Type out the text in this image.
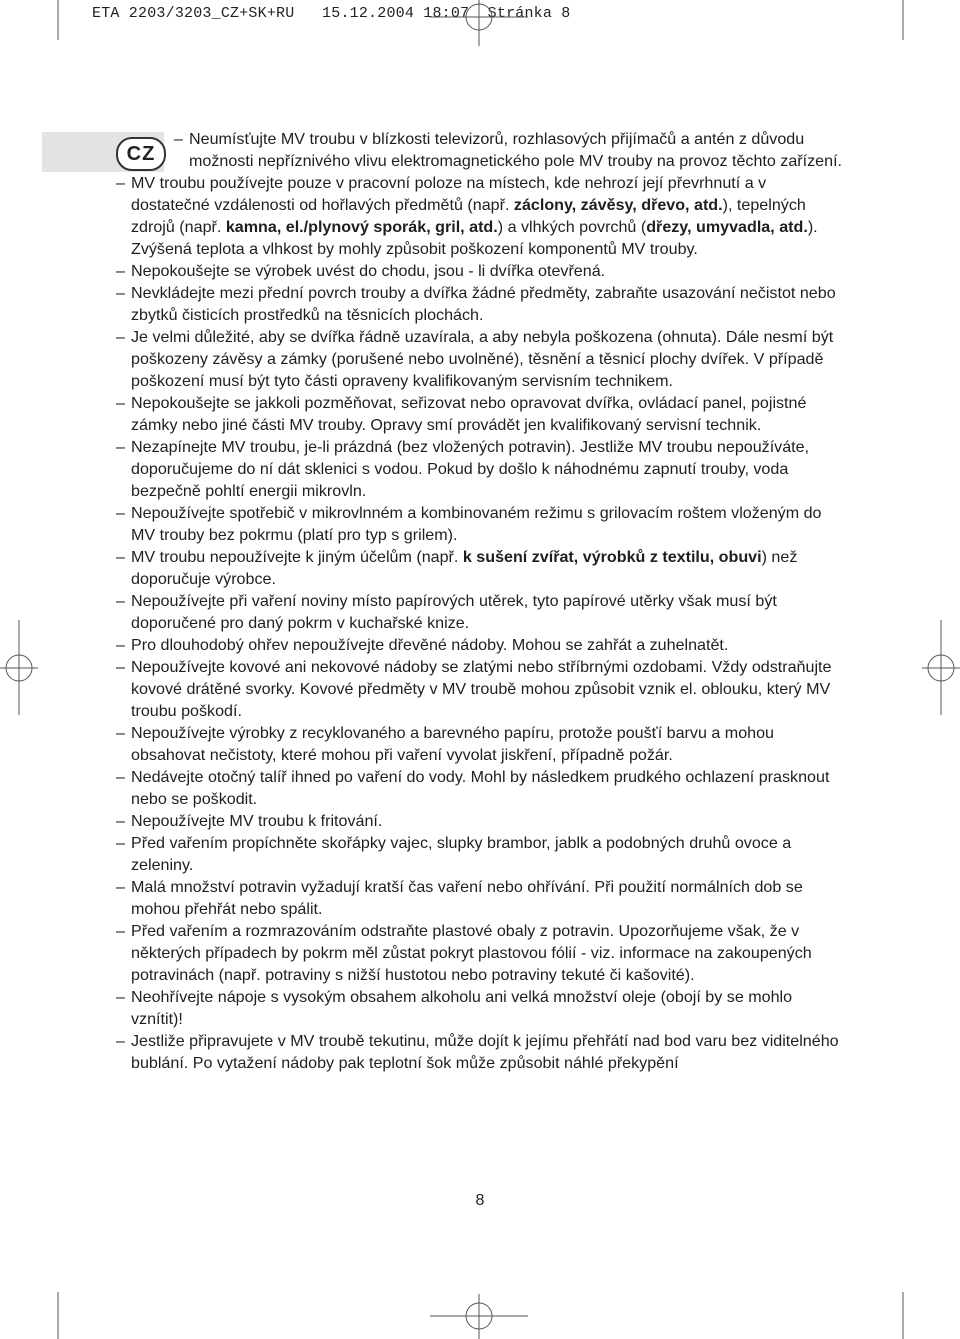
ETA 2203/3203_CZ+SK+RU   15.12.2004 18:07  Stránka 8
CZ

– Neumísťujte MV troubu v blízkosti televizorů, rozhlasových přijímačů a antén z důvodu možnosti nepříznivého vlivu elektromagnetického pole MV trouby na provoz těchto zařízení.

– MV troubu používejte pouze v pracovní poloze na místech, kde nehrozí její převrhnutí a v dostatečné vzdálenosti od hořlavých předmětů (např. záclony, závěsy, dřevo, atd.), tepelných zdrojů (např. kamna, el./plynový sporák, gril, atd.) a vlhkých povrchů (dřezy, umyvadla, atd.). Zvýšená teplota a vlhkost by mohly způsobit poškození komponentů MV trouby.

– Nepokoušejte se výrobek uvést do chodu, jsou - li dvířka otevřená.

– Nevkládejte mezi přední povrch trouby a dvířka žádné předměty, zabraňte usazování nečistot nebo zbytků čisticích prostředků na těsnicích plochách.

– Je velmi důležité, aby se dvířka řádně uzavírala, a aby nebyla poškozena (ohnuta). Dále nesmí být poškozeny závěsy a zámky (porušené nebo uvolněné), těsnění a těsnicí plochy dvířek. V případě poškození musí být tyto části opraveny kvalifikovaným servisním technikem.

– Nepokoušejte se jakkoli pozměňovat, seřizovat nebo opravovat dvířka, ovládací panel, pojistné zámky nebo jiné části MV trouby. Opravy smí provádět jen kvalifikovaný servisní technik.

– Nezapínejte MV troubu, je-li prázdná (bez vložených potravin). Jestliže MV troubu nepoužíváte, doporučujeme do ní dát sklenici s vodou. Pokud by došlo k náhodnému zapnutí trouby, voda bezpečně pohltí energii mikrovln.

– Nepoužívejte spotřebič v mikrovlnném a kombinovaném režimu s grilovacím roštem vloženým do MV trouby bez pokrmu (platí pro typ s grilem).

– MV troubu nepoužívejte k jiným účelům (např. k sušení zvířat, výrobků z textilu, obuvi) než doporučuje výrobce.

– Nepoužívejte při vaření noviny místo papírových utěrek, tyto papírové utěrky však musí být doporučené pro daný pokrm v kuchařské knize.

– Pro dlouhodobý ohřev nepoužívejte dřevěné nádoby. Mohou se zahřát a zuhelnatět.

– Nepoužívejte kovové ani nekovové nádoby se zlatými nebo stříbrnými ozdobami. Vždy odstraňujte kovové drátěné svorky. Kovové předměty v MV troubě mohou způsobit vznik el. oblouku, který MV troubu poškodí.

– Nepoužívejte výrobky z recyklovaného a barevného papíru, protože poušťí barvu a mohou obsahovat nečistoty, které mohou při vaření vyvolat jiskření, případně požár.

– Nedávejte otočný talíř ihned po vaření do vody. Mohl by následkem prudkého ochlazení prasknout nebo se poškodit.

– Nepoužívejte MV troubu k fritování.

– Před vařením propíchněte skořápky vajec, slupky brambor, jablk a podobných druhů ovoce a zeleniny.

– Malá množství potravin vyžadují kratší čas vaření nebo ohřívání. Při použití normálních dob se mohou přehřát nebo spálit.

– Před vařením a rozmrazováním odstraňte plastové obaly z potravin. Upozorňujeme však, že v některých případech by pokrm měl zůstat pokryt plastovou fólií - viz. informace na zakoupených potravinách (např. potraviny s nižší hustotou nebo potraviny tekuté či kašovité).

– Neohřívejte nápoje s vysokým obsahem alkoholu ani velká množství oleje (obojí by se mohlo vznítit)!

– Jestliže připravujete v MV troubě tekutinu, může dojít k jejímu přehřátí nad bod varu bez viditelného bublání. Po vytažení nádoby pak teplotní šok může způsobit náhlé překypění

8
